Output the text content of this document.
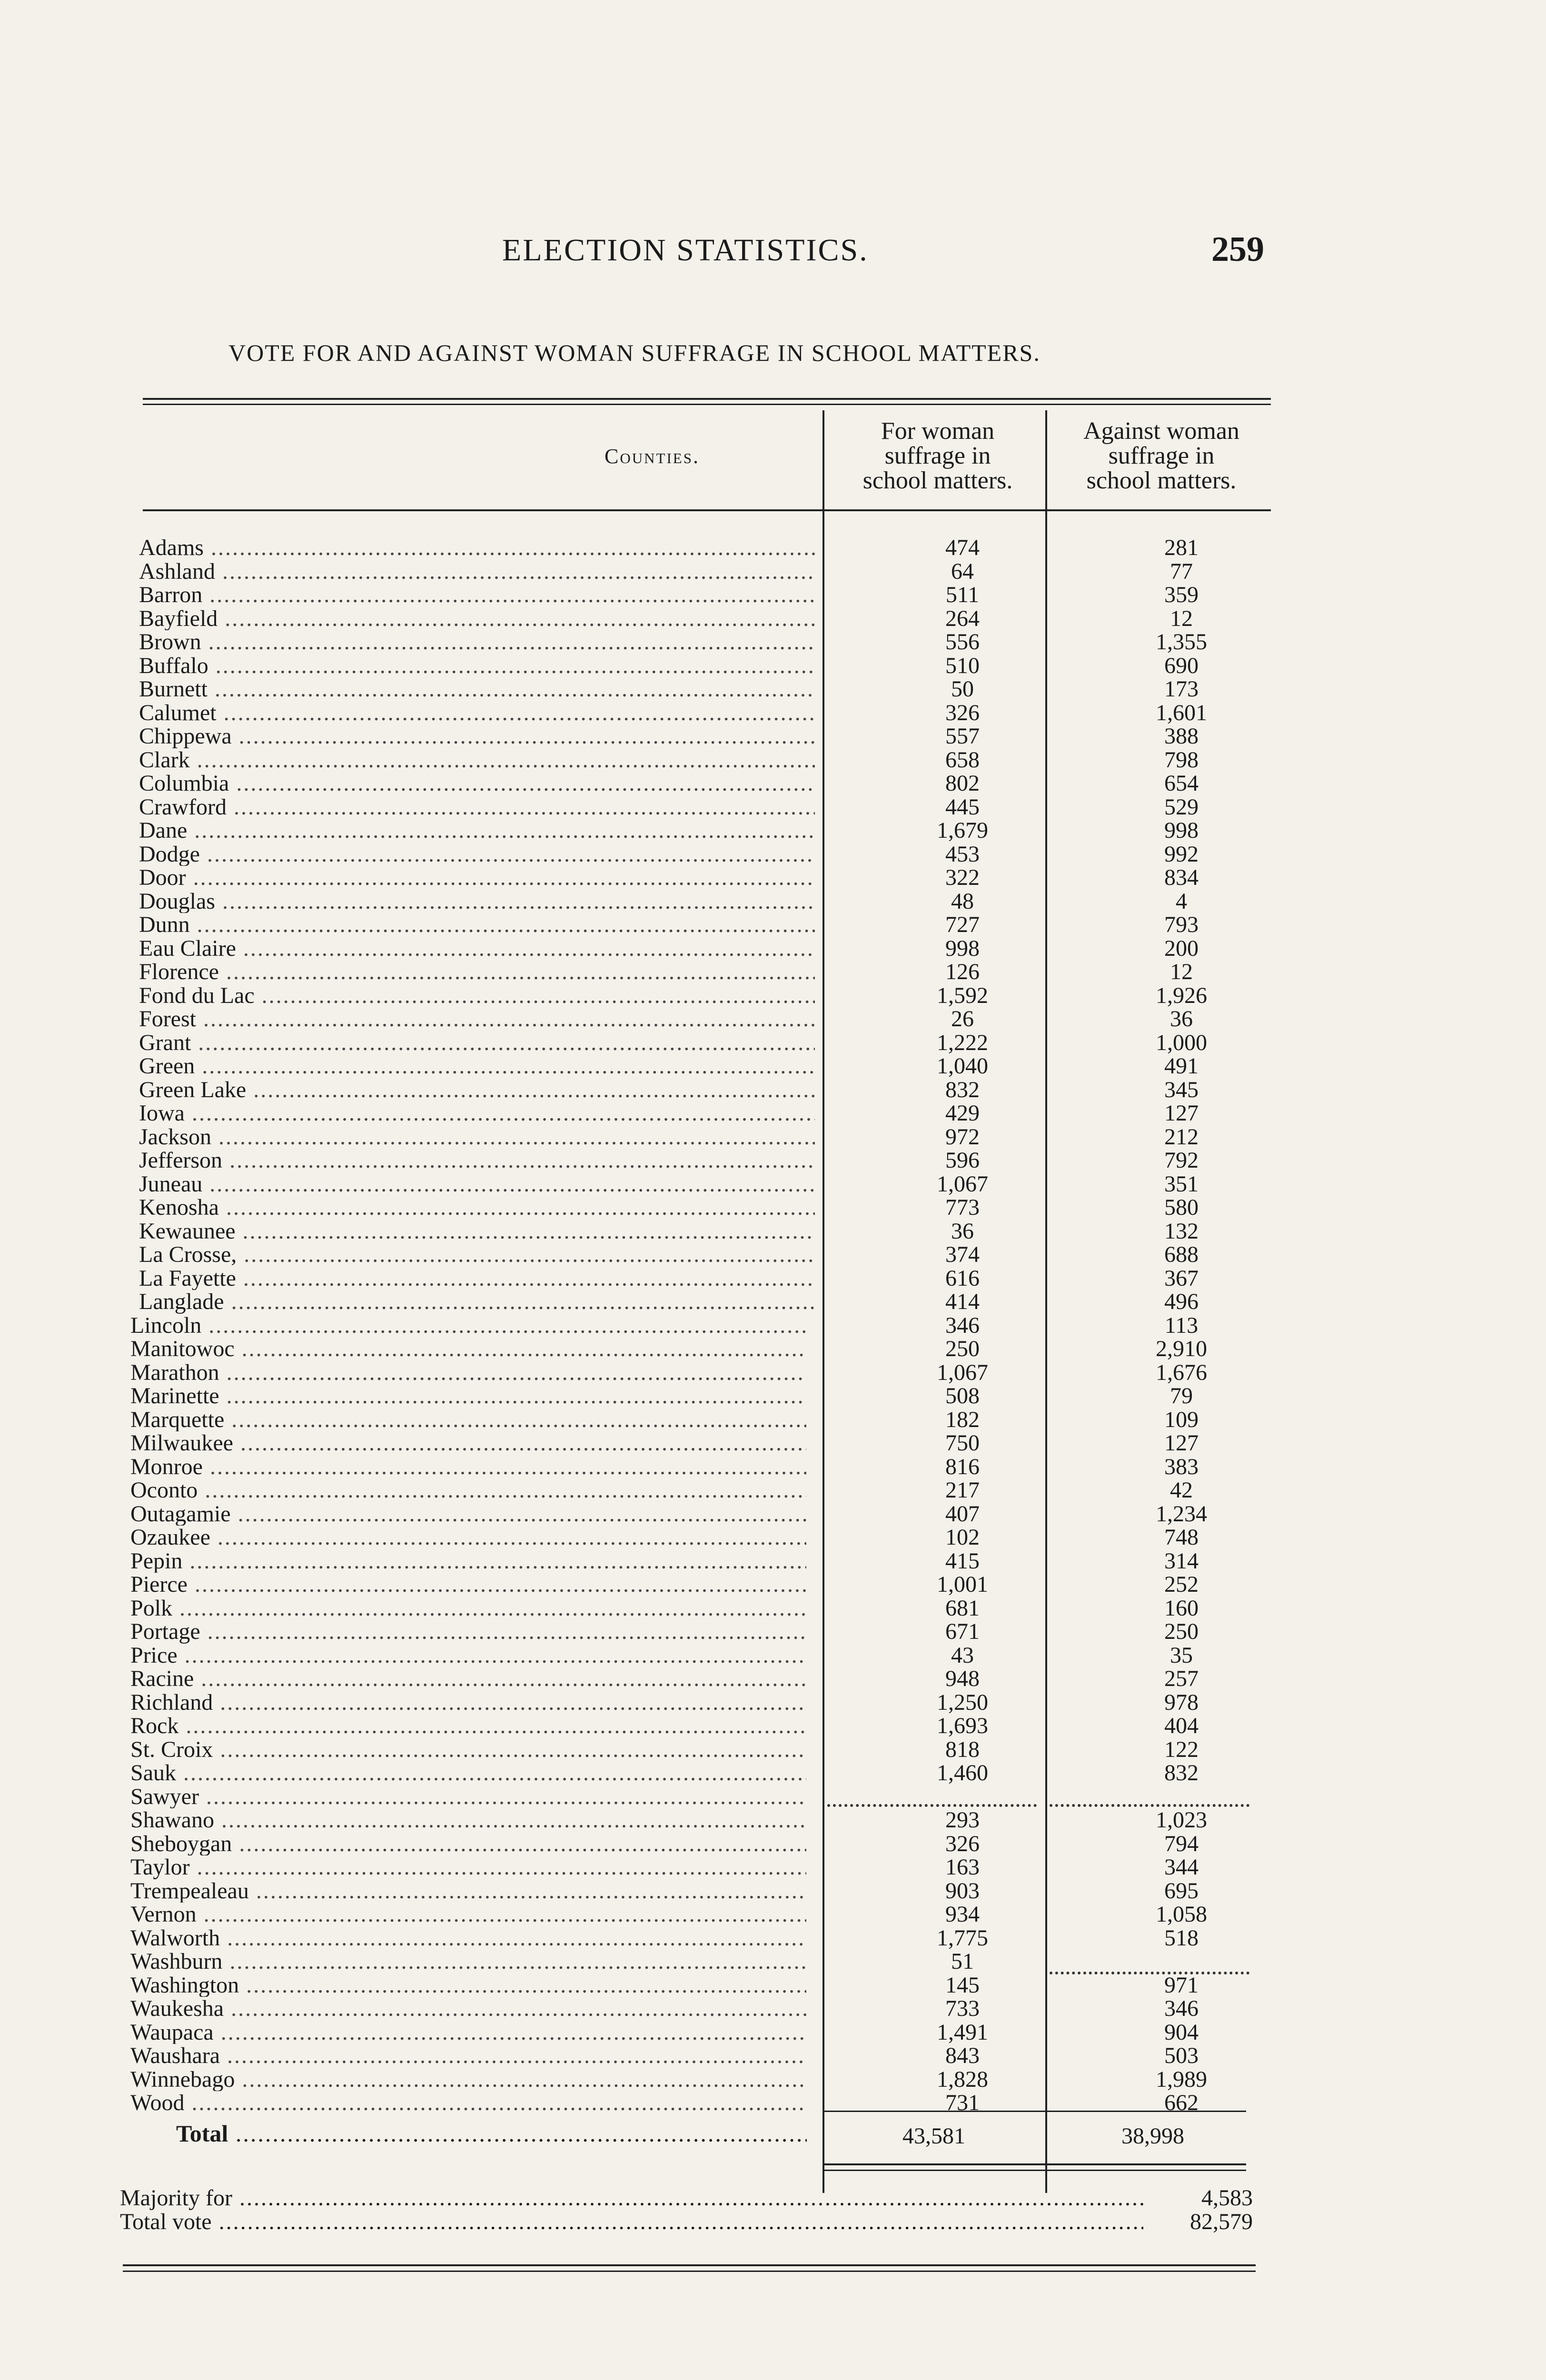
ELECTION STATISTICS.	259
VOTE FOR AND AGAINST WOMAN SUFFRAGE IN SCHOOL MATTERS.
Counties.
For woman
suffrage in
school matters.
Against woman
suffrage in
school matters.
Adams .....	474	281
Ashland .....	64	77
Barron .....	511	359
Bayfield .....	264	12
Brown .....	556	1,355
Buffalo .....	510	690
Burnett .....	50	173
Calumet .....	326	1,601
Chippewa .....	557	388
Clark .....	658	798
Columbia .....	802	654
Crawford .....	445	529
Dane .....	1,679	998
Dodge .....	453	992
Door .....	322	834
Douglas .....	48	4
Dunn .....	727	793
Eau Claire .....	998	200
Florence .....	126	12
Fond du Lac .....	1,592	1,926
Forest .....	26	36
Grant .....	1,222	1,000
Green .....	1,040	491
Green Lake .....	832	345
Iowa .....	429	127
Jackson .....	972	212
Jefferson .....	596	792
Juneau .....	1,067	351
Kenosha .....	773	580
Kewaunee .....	36	132
La Crosse, .....	374	688
La Fayette .....	616	367
Langlade .....	414	496
Lincoln .....	346	113
Manitowoc .....	250	2,910
Marathon .....	1,067	1,676
Marinette .....	508	79
Marquette .....	182	109
Milwaukee .....	750	127
Monroe .....	816	383
Oconto .....	217	42
Outagamie .....	407	1,234
Ozaukee .....	102	748
Pepin .....	415	314
Pierce .....	1,001	252
Polk .....	681	160
Portage .....	671	250
Price .....	43	35
Racine .....	948	257
Richland .....	1,250	978
Rock .....	1,693	404
St. Croix .....	818	122
Sauk .....	1,460	832
Sawyer .....
Shawano .....	293	1,023
Sheboygan .....	326	794
Taylor .....	163	344
Trempealeau .....	903	695
Vernon .....	934	1,058
Walworth .....	1,775	518
Washburn .....	51
Washington .....	145	971
Waukesha .....	733	346
Waupaca .....	1,491	904
Waushara .....	843	503
Winnebago .....	1,828	1,989
Wood .....	731	662
Total .....	43,581	38,998
Majority for .....	4,583
Total vote .....	82,579
